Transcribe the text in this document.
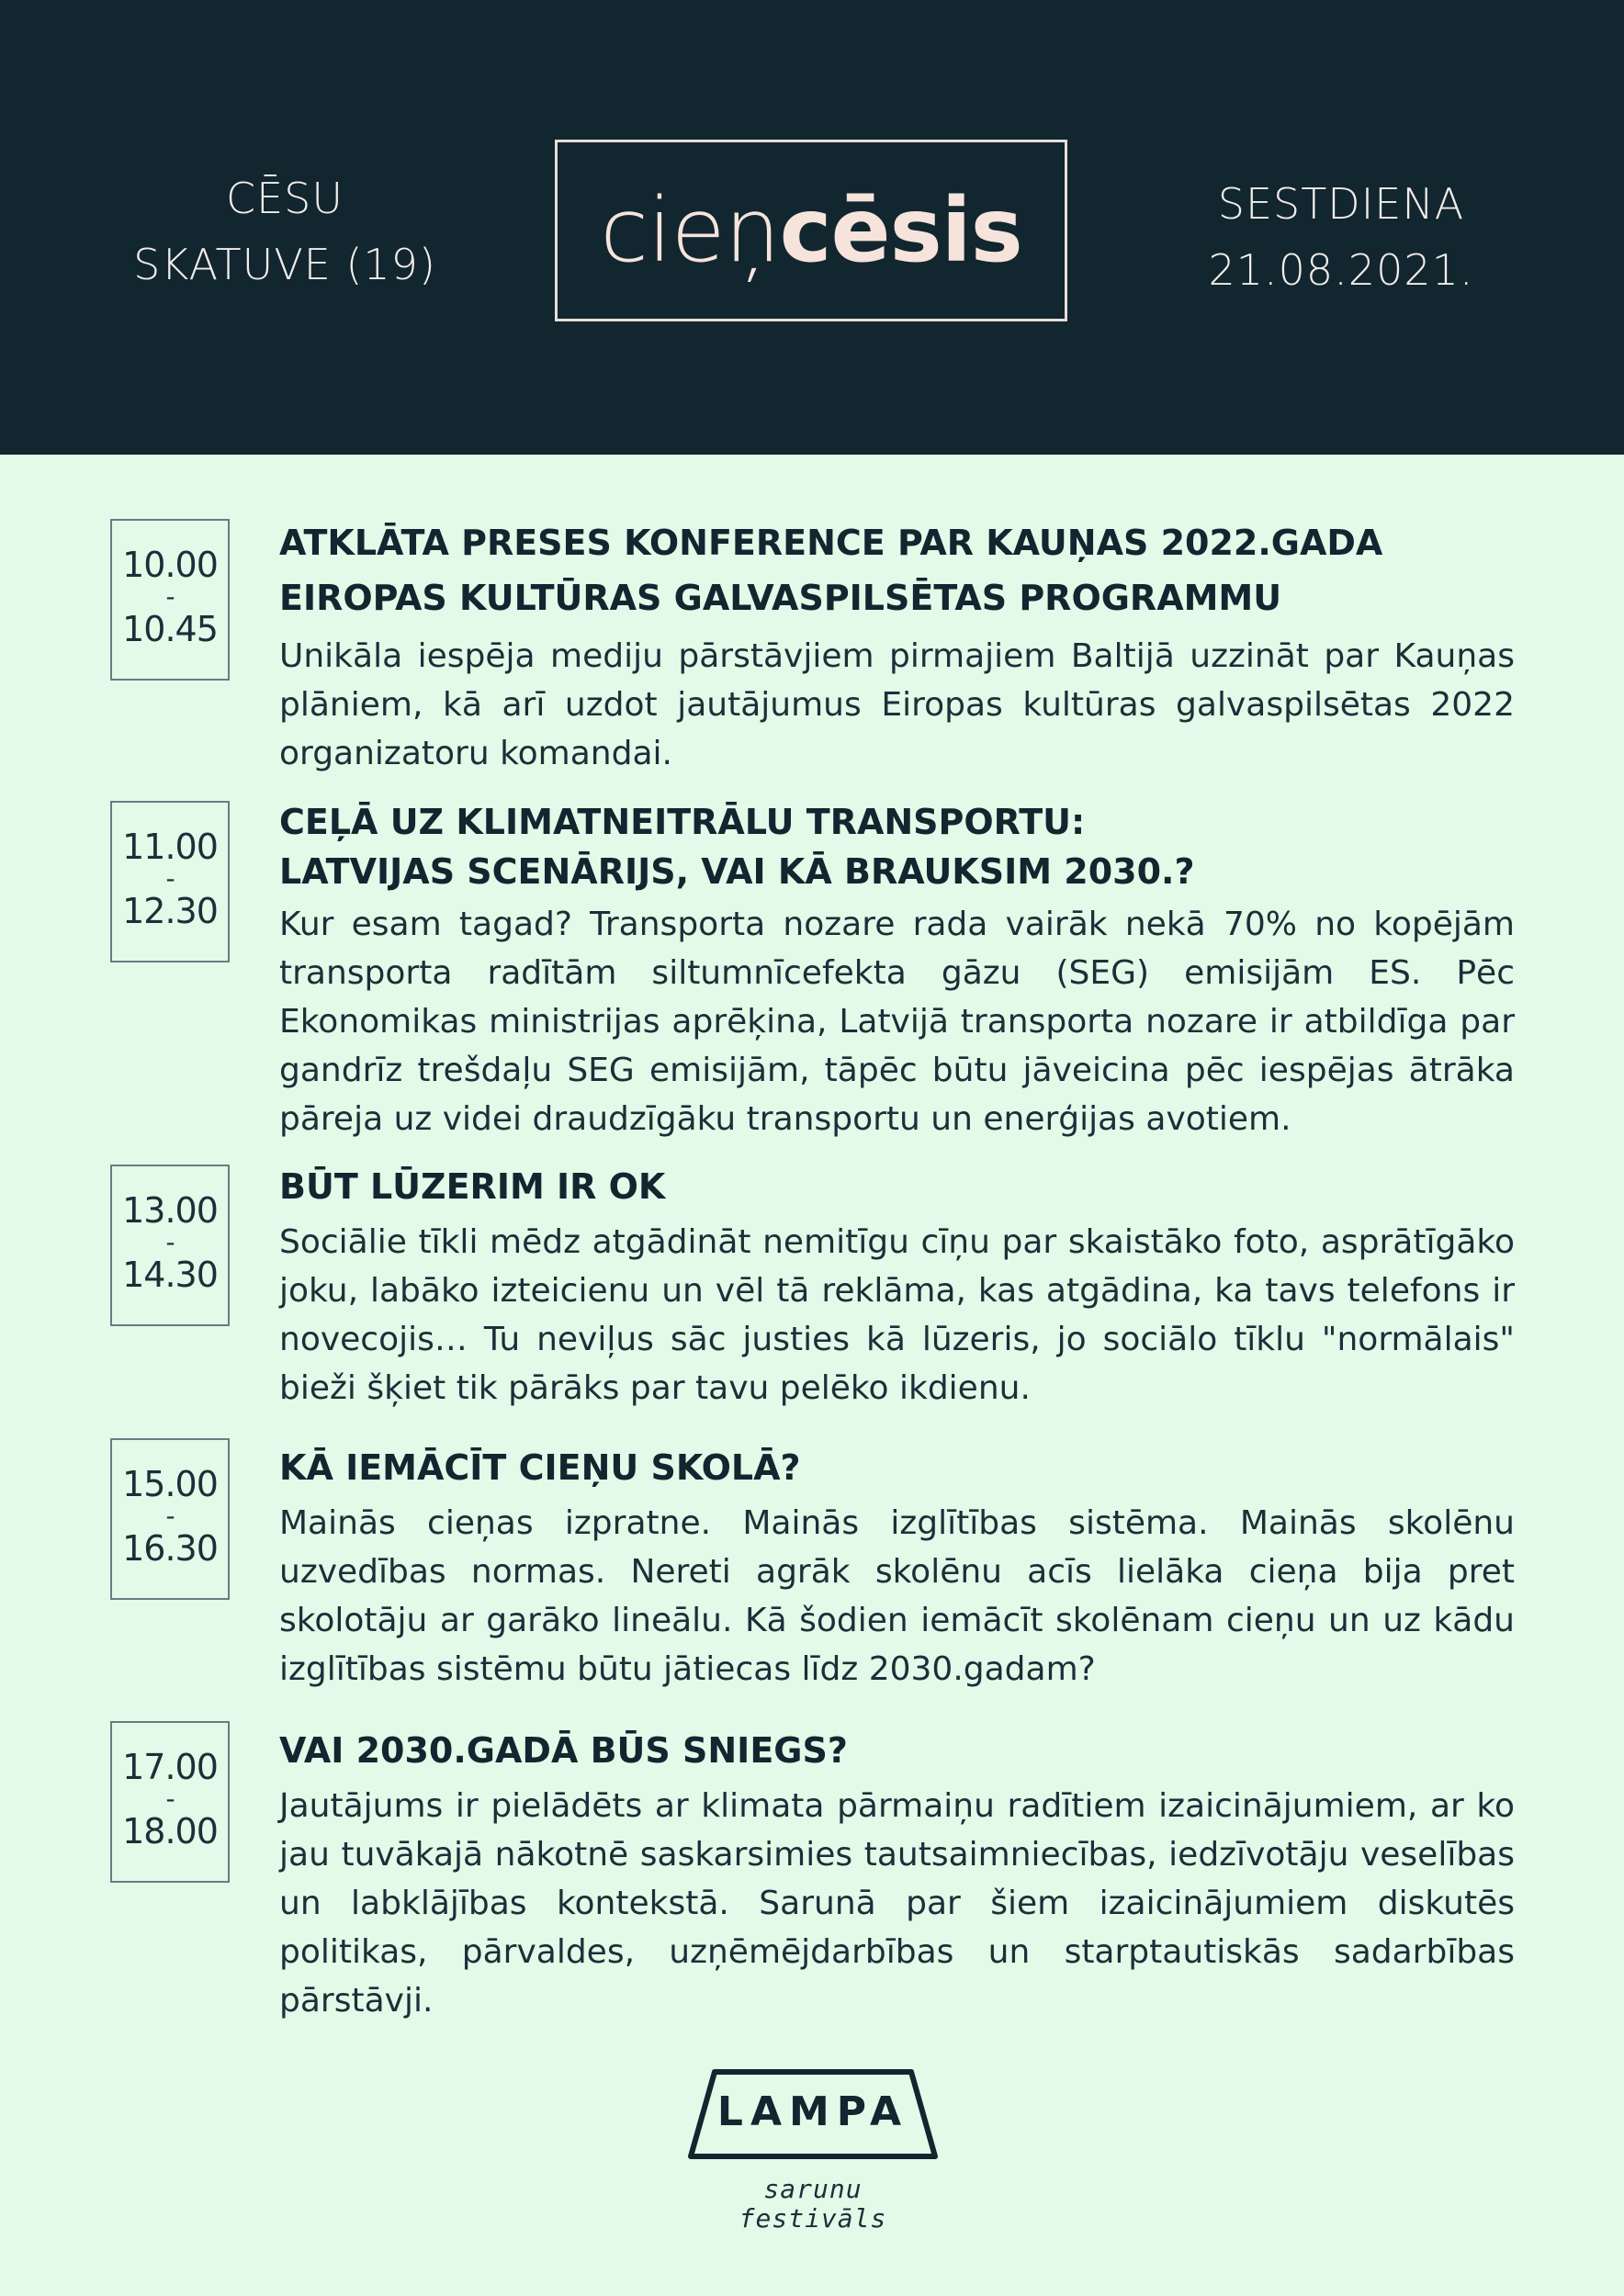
CĒSU
SKATUVE (19)	cieņ cēsis	SESTDIENA
21.08.2021.
10.00
-
10.45
ATKLĀTA PRESES KONFERENCE PAR KAUŅAS 2022.GADA
EIROPAS KULTŪRAS GALVASPILSĒTAS PROGRAMMU
Unikāla iespēja mediju pārstāvjiem pirmajiem Baltijā uzzināt par Kauņas plāniem, kā arī uzdot jautājumus Eiropas kultūras galvaspilsētas 2022 organizatoru komandai.
11.00
-
12.30
CEĻĀ UZ KLIMATNEITRĀLU TRANSPORTU:
LATVIJAS SCENĀRIJS, VAI KĀ BRAUKSIM 2030.?
Kur esam tagad? Transporta nozare rada vairāk nekā 70% no kopējām transporta radītām siltumnīcefekta gāzu (SEG) emisijām ES. Pēc Ekonomikas ministrijas aprēķina, Latvijā transporta nozare ir atbildīga par gandrīz trešdaļu SEG emisijām, tāpēc būtu jāveicina pēc iespējas ātrāka pāreja uz videi draudzīgāku transportu un enerģijas avotiem.
13.00
-
14.30
BŪT LŪZERIM IR OK
Sociālie tīkli mēdz atgādināt nemitīgu cīņu par skaistāko foto, asprātīgāko joku, labāko izteicienu un vēl tā reklāma, kas atgādina, ka tavs telefons ir novecojis… Tu neviļus sāc justies kā lūzeris, jo sociālo tīklu "normālais" bieži šķiet tik pārāks par tavu pelēko ikdienu.
15.00
-
16.30
KĀ IEMĀCĪT CIEŅU SKOLĀ?
Mainās cieņas izpratne. Mainās izglītības sistēma. Mainās skolēnu uzvedības normas. Nereti agrāk skolēnu acīs lielāka cieņa bija pret skolotāju ar garāko lineālu. Kā šodien iemācīt skolēnam cieņu un uz kādu izglītības sistēmu būtu jātiecas līdz 2030.gadam?
17.00
-
18.00
VAI 2030.GADĀ BŪS SNIEGS?
Jautājums ir pielādēts ar klimata pārmaiņu radītiem izaicinājumiem, ar ko jau tuvākajā nākotnē saskarsimies tautsaimniecības, iedzīvotāju veselības un labklājības kontekstā. Sarunā par šiem izaicinājumiem diskutēs politikas, pārvaldes, uzņēmējdarbības un starptautiskās sadarbības pārstāvji.
LAMPA
sarunu
festivāls
